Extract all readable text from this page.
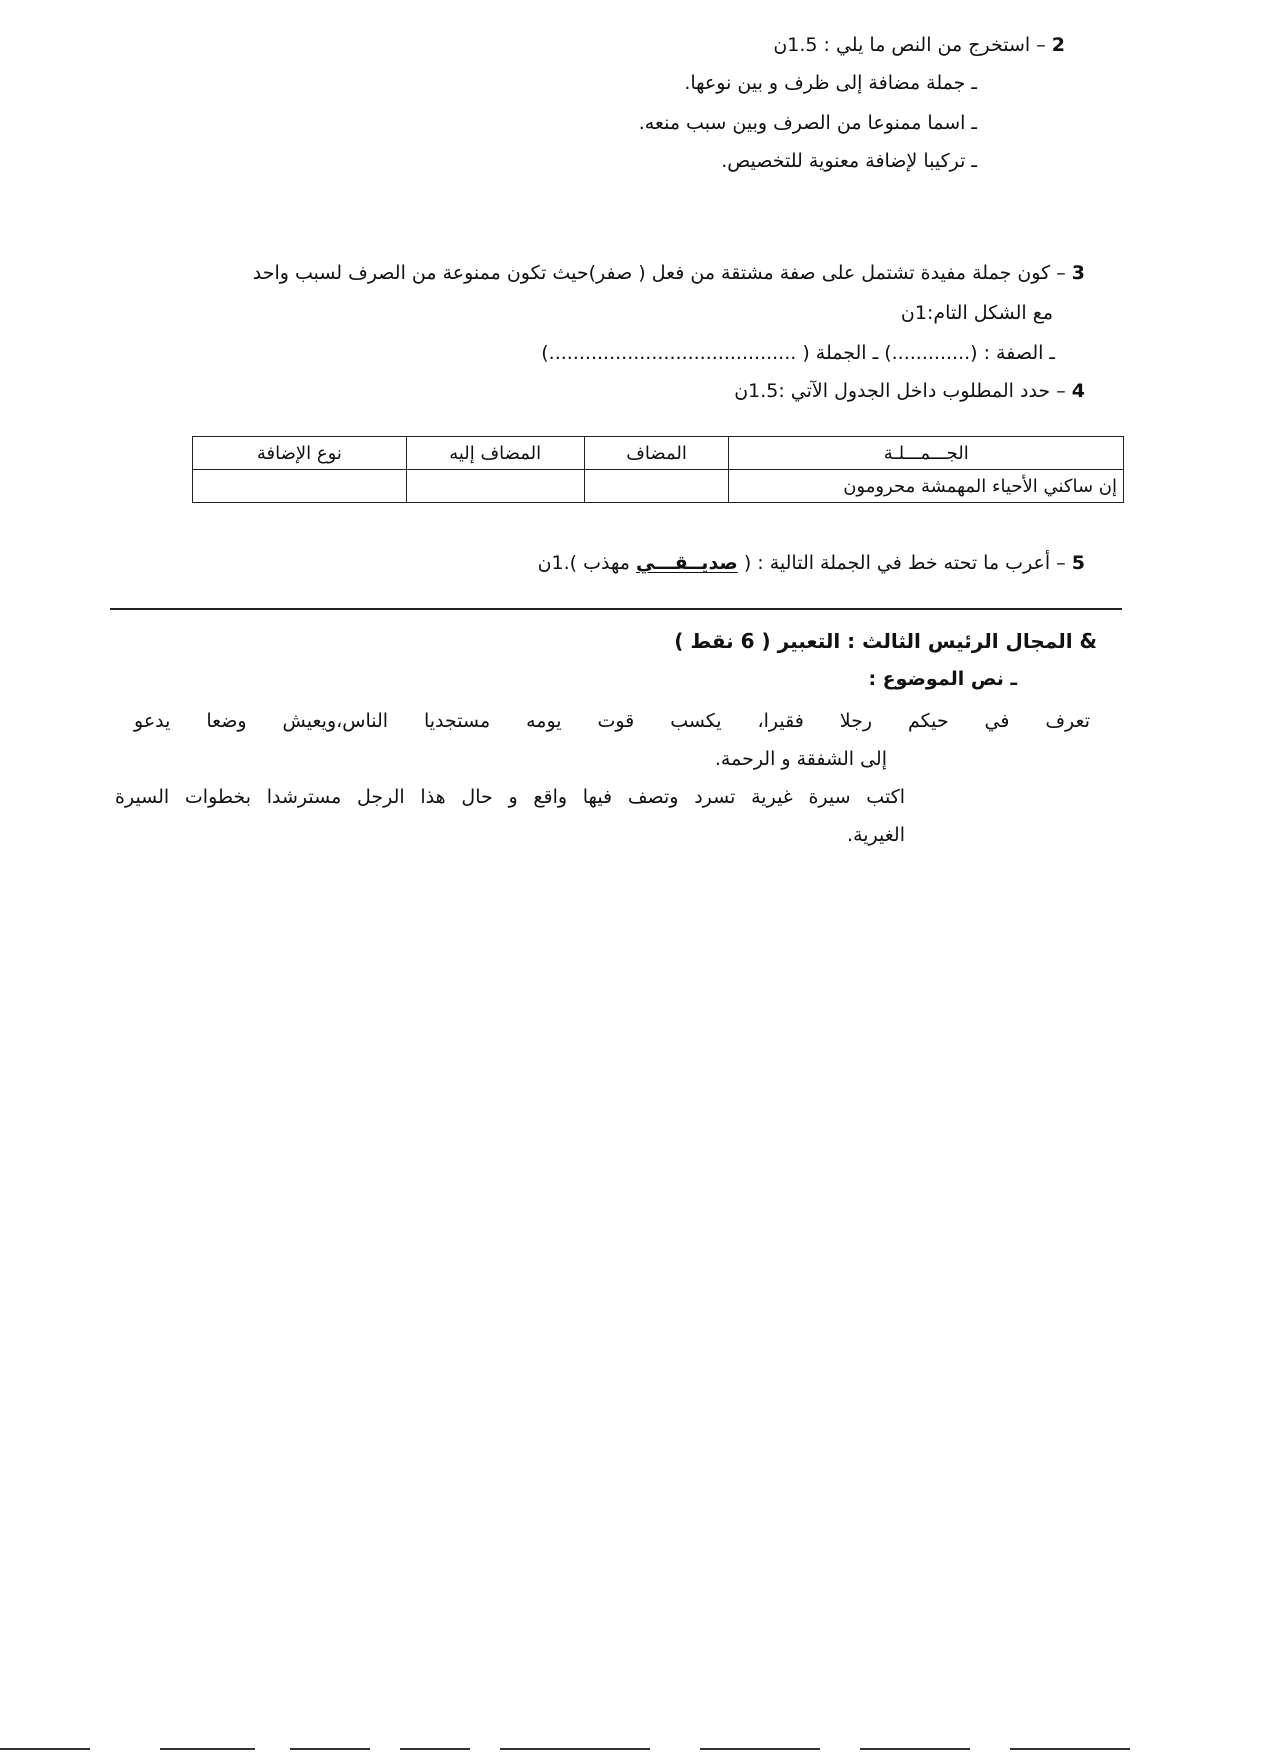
2 – استخرج من النص ما يلي : 1.5ن
ـ جملة مضافة إلى ظرف و بين نوعها.
ـ اسما ممنوعا من الصرف وبين سبب منعه.
ـ تركيبا لإضافة معنوية للتخصيص.
3 – كون جملة مفيدة تشتمل على صفة مشتقة من فعل ( صفر)حيث تكون ممنوعة من الصرف لسبب واحد
مع الشكل التام:1ن
ـ الصفة : (.............) ـ الجملة ( .........................................)
4 – حدد المطلوب داخل الجدول الآتي :1.5ن
الجـــمـــلـة	المضاف	المضاف إليه	نوع الإضافة
إن ساكني الأحياء المهمشة محرومون			
5 – أعرب ما تحته خط في الجملة التالية : ( صديــقـــي مهذب ).1ن
& المجال الرئيس الثالث : التعبير ( 6 نقط )
ـ نص الموضوع :
تعرف في حيكم رجلا فقيرا، يكسب قوت يومه مستجديا الناس،ويعيش وضعا يدعو
إلى الشفقة و الرحمة.
اكتب سيرة غيرية تسرد وتصف فيها واقع و حال هذا الرجل مسترشدا بخطوات السيرة
الغيرية.
